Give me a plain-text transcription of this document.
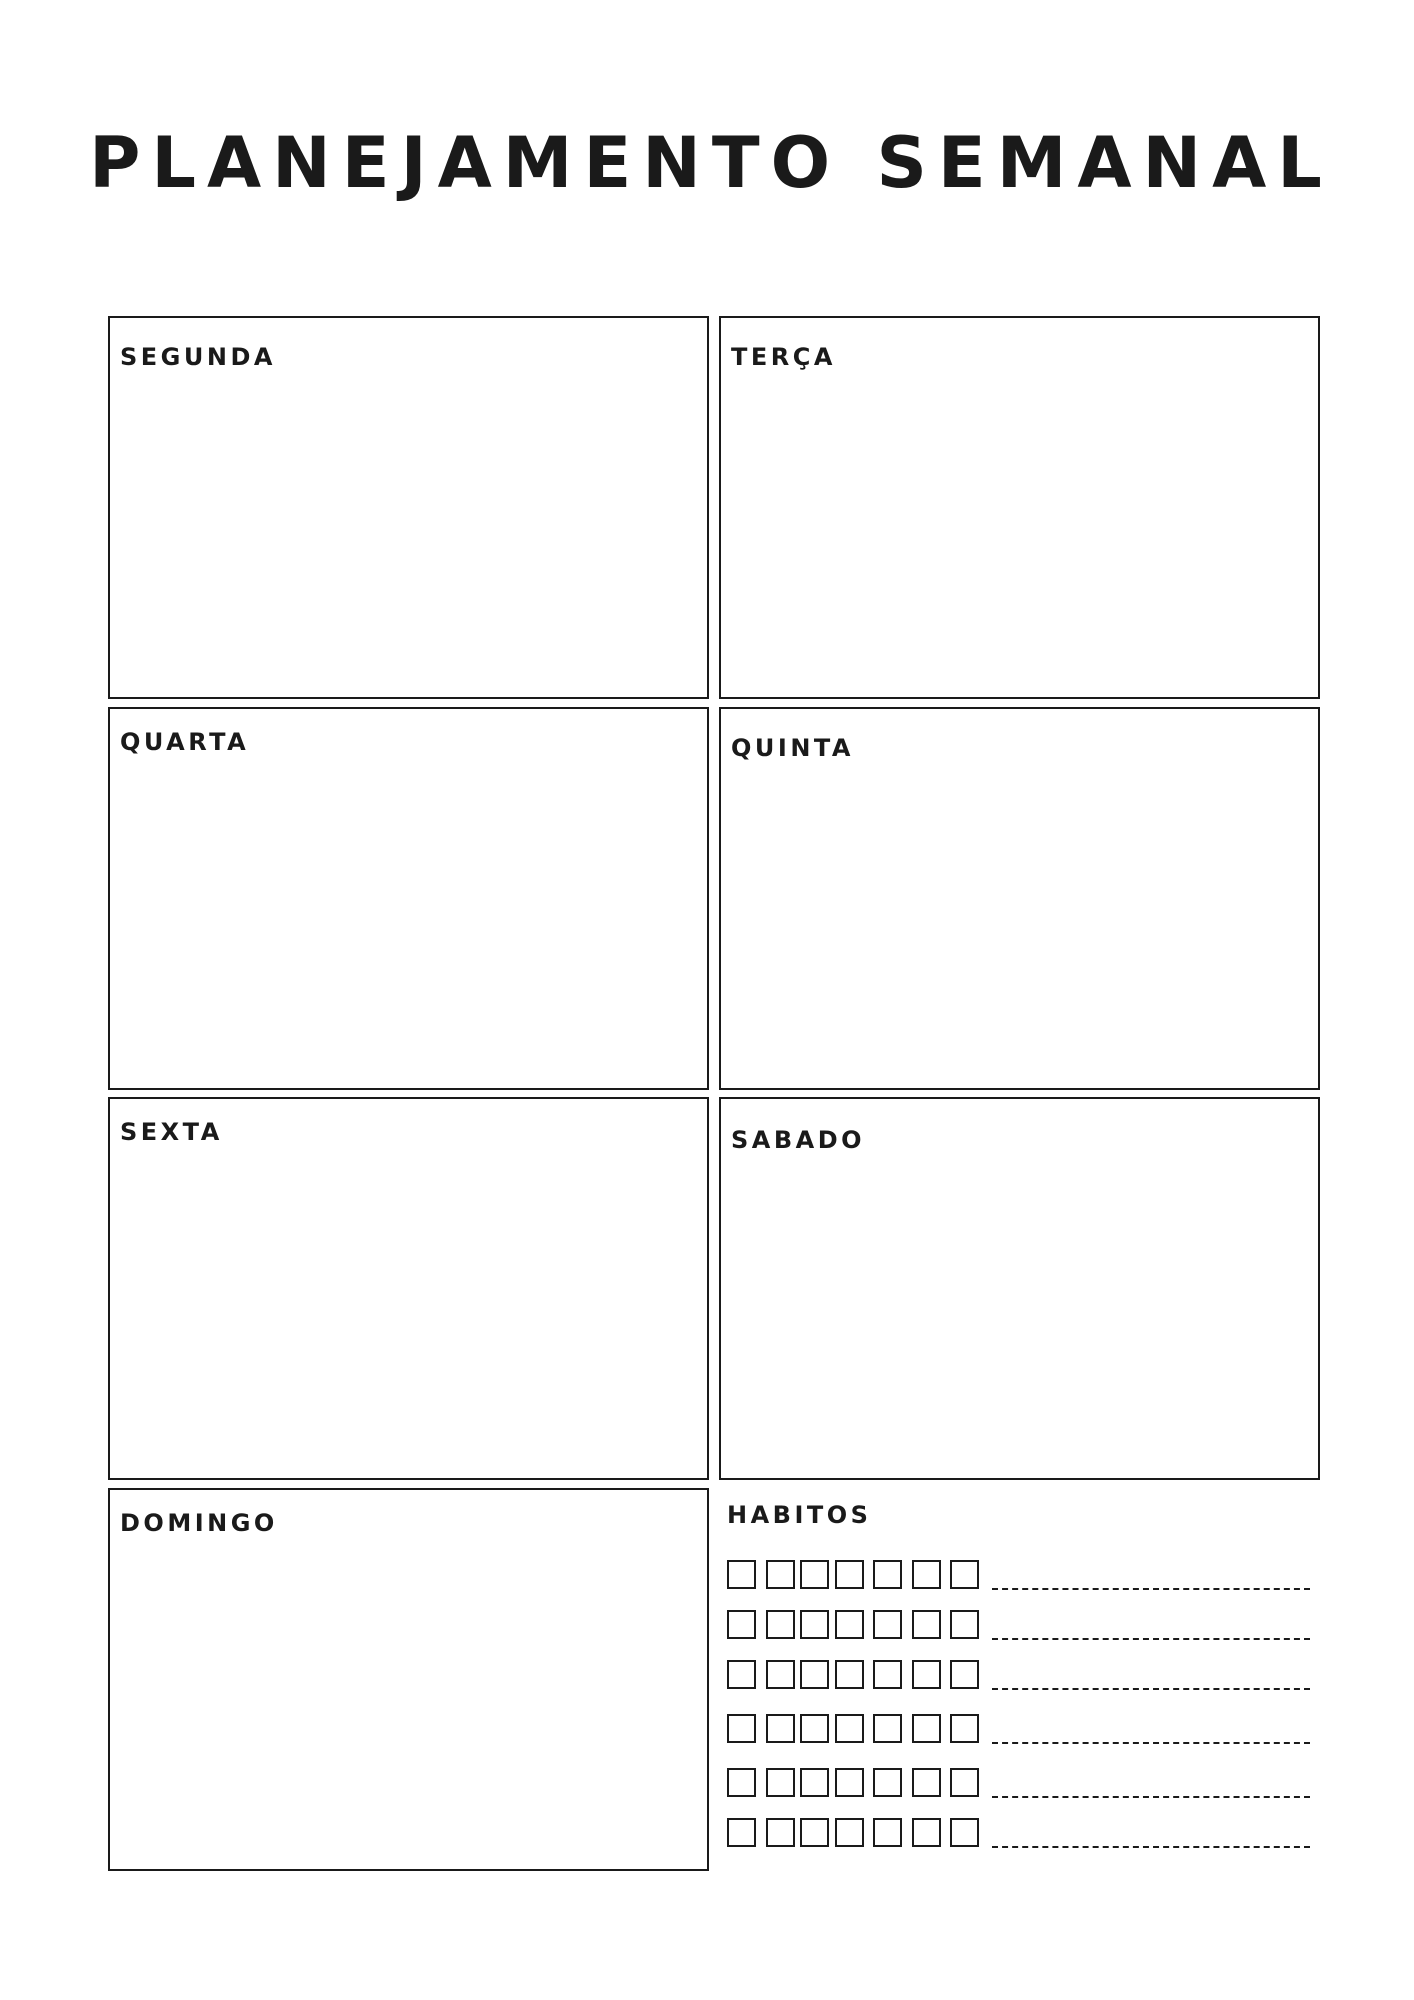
PLANEJAMENTO SEMANAL
SEGUNDA	TERÇA
QUARTA	QUINTA
SEXTA	SABADO
DOMINGO	HABITOS
